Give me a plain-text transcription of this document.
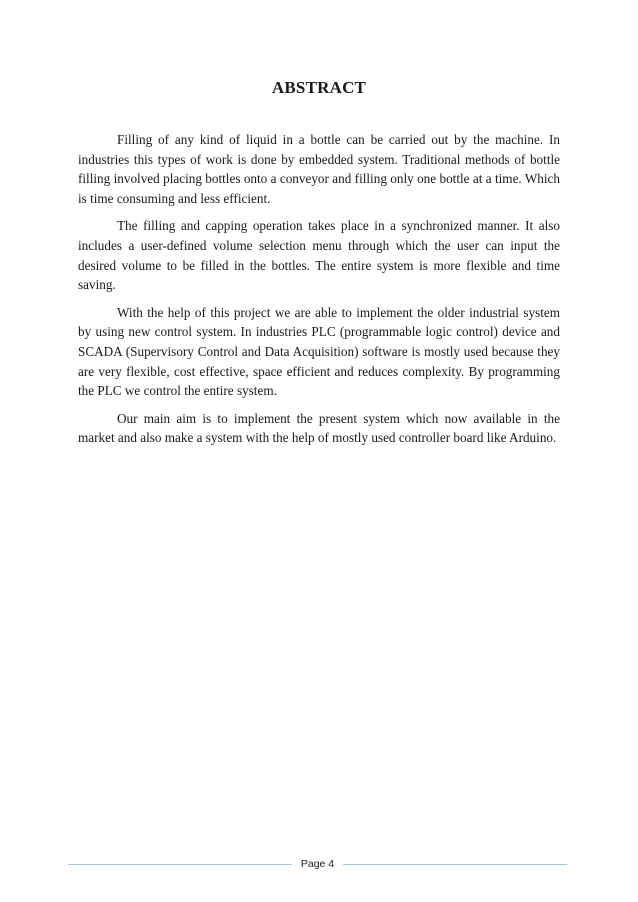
ABSTRACT

Filling of any kind of liquid in a bottle can be carried out by the machine. In industries this types of work is done by embedded system. Traditional methods of bottle filling involved placing bottles onto a conveyor and filling only one bottle at a time. Which is time consuming and less efficient.

The filling and capping operation takes place in a synchronized manner. It also includes a user-defined volume selection menu through which the user can input the desired volume to be filled in the bottles. The entire system is more flexible and time saving.

With the help of this project we are able to implement the older industrial system by using new control system. In industries PLC (programmable logic control) device and SCADA (Supervisory Control and Data Acquisition) software is mostly used because they are very flexible, cost effective, space efficient and reduces complexity. By programming the PLC we control the entire system.

Our main aim is to implement the present system which now available in the market and also make a system with the help of mostly used controller board like Arduino.

Page 4
